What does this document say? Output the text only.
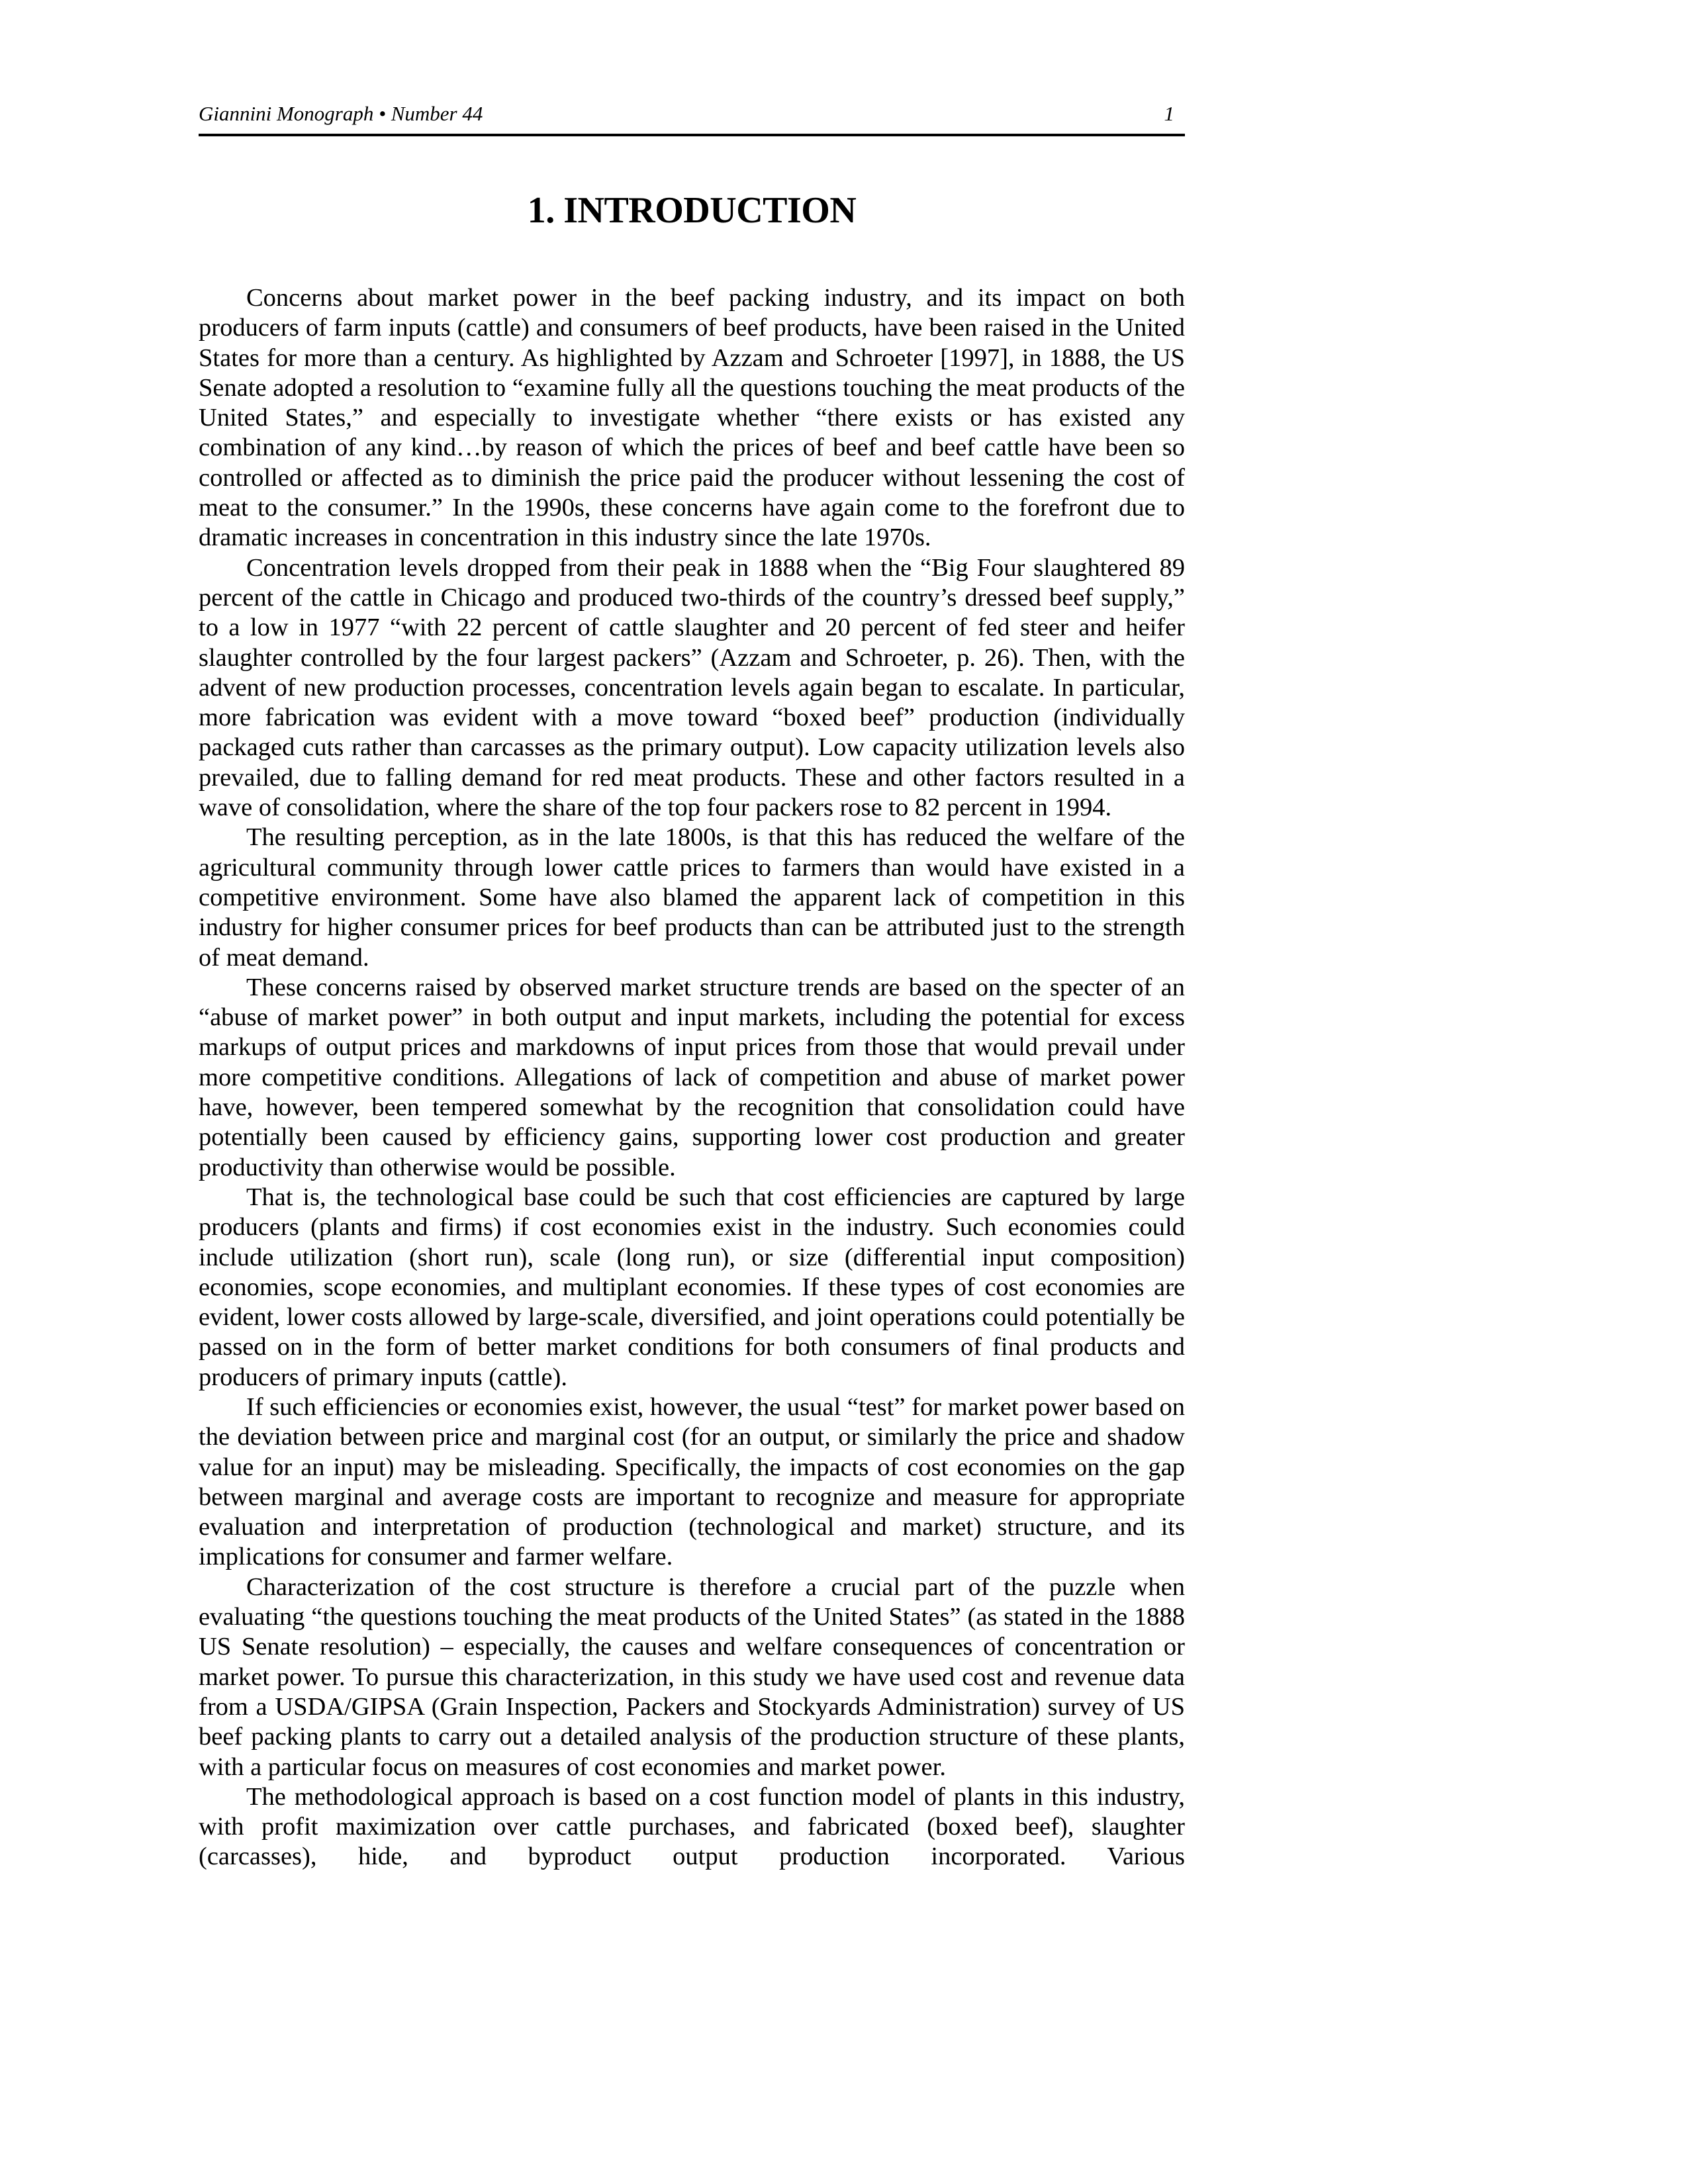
Giannini Monograph • Number 44	1
1. INTRODUCTION

Concerns about market power in the beef packing industry, and its impact on both producers of farm inputs (cattle) and consumers of beef products, have been raised in the United States for more than a century. As highlighted by Azzam and Schroeter [1997], in 1888, the US Senate adopted a resolution to “examine fully all the questions touching the meat products of the United States,” and especially to investigate whether “there exists or has existed any combination of any kind…by reason of which the prices of beef and beef cattle have been so controlled or affected as to diminish the price paid the producer without lessening the cost of meat to the consumer.” In the 1990s, these concerns have again come to the forefront due to dramatic increases in concentration in this industry since the late 1970s.

Concentration levels dropped from their peak in 1888 when the “Big Four slaughtered 89 percent of the cattle in Chicago and produced two-thirds of the country’s dressed beef supply,” to a low in 1977 “with 22 percent of cattle slaughter and 20 percent of fed steer and heifer slaughter controlled by the four largest packers” (Azzam and Schroeter, p. 26). Then, with the advent of new production processes, concentration levels again began to escalate. In particular, more fabrication was evident with a move toward “boxed beef” production (individually packaged cuts rather than carcasses as the primary output). Low capacity utilization levels also prevailed, due to falling demand for red meat products. These and other factors resulted in a wave of consolidation, where the share of the top four packers rose to 82 percent in 1994.

The resulting perception, as in the late 1800s, is that this has reduced the welfare of the agricultural community through lower cattle prices to farmers than would have existed in a competitive environment. Some have also blamed the apparent lack of competition in this industry for higher consumer prices for beef products than can be attributed just to the strength of meat demand.

These concerns raised by observed market structure trends are based on the specter of an “abuse of market power” in both output and input markets, including the potential for excess markups of output prices and markdowns of input prices from those that would prevail under more competitive conditions. Allegations of lack of competition and abuse of market power have, however, been tempered somewhat by the recognition that consolidation could have potentially been caused by efficiency gains, supporting lower cost production and greater productivity than otherwise would be possible.

That is, the technological base could be such that cost efficiencies are captured by large producers (plants and firms) if cost economies exist in the industry. Such economies could include utilization (short run), scale (long run), or size (differential input composition) economies, scope economies, and multiplant economies. If these types of cost economies are evident, lower costs allowed by large-scale, diversified, and joint operations could potentially be passed on in the form of better market conditions for both consumers of final products and producers of primary inputs (cattle).

If such efficiencies or economies exist, however, the usual “test” for market power based on the deviation between price and marginal cost (for an output, or similarly the price and shadow value for an input) may be misleading. Specifically, the impacts of cost economies on the gap between marginal and average costs are important to recognize and measure for appropriate evaluation and interpretation of production (technological and market) structure, and its implications for consumer and farmer welfare.

Characterization of the cost structure is therefore a crucial part of the puzzle when evaluating “the questions touching the meat products of the United States” (as stated in the 1888 US Senate resolution) – especially, the causes and welfare consequences of concentration or market power. To pursue this characterization, in this study we have used cost and revenue data from a USDA/GIPSA (Grain Inspection, Packers and Stockyards Administration) survey of US beef packing plants to carry out a detailed analysis of the production structure of these plants, with a particular focus on measures of cost economies and market power.

The methodological approach is based on a cost function model of plants in this industry, with profit maximization over cattle purchases, and fabricated (boxed beef), slaughter (carcasses), hide, and byproduct output production incorporated. Various
